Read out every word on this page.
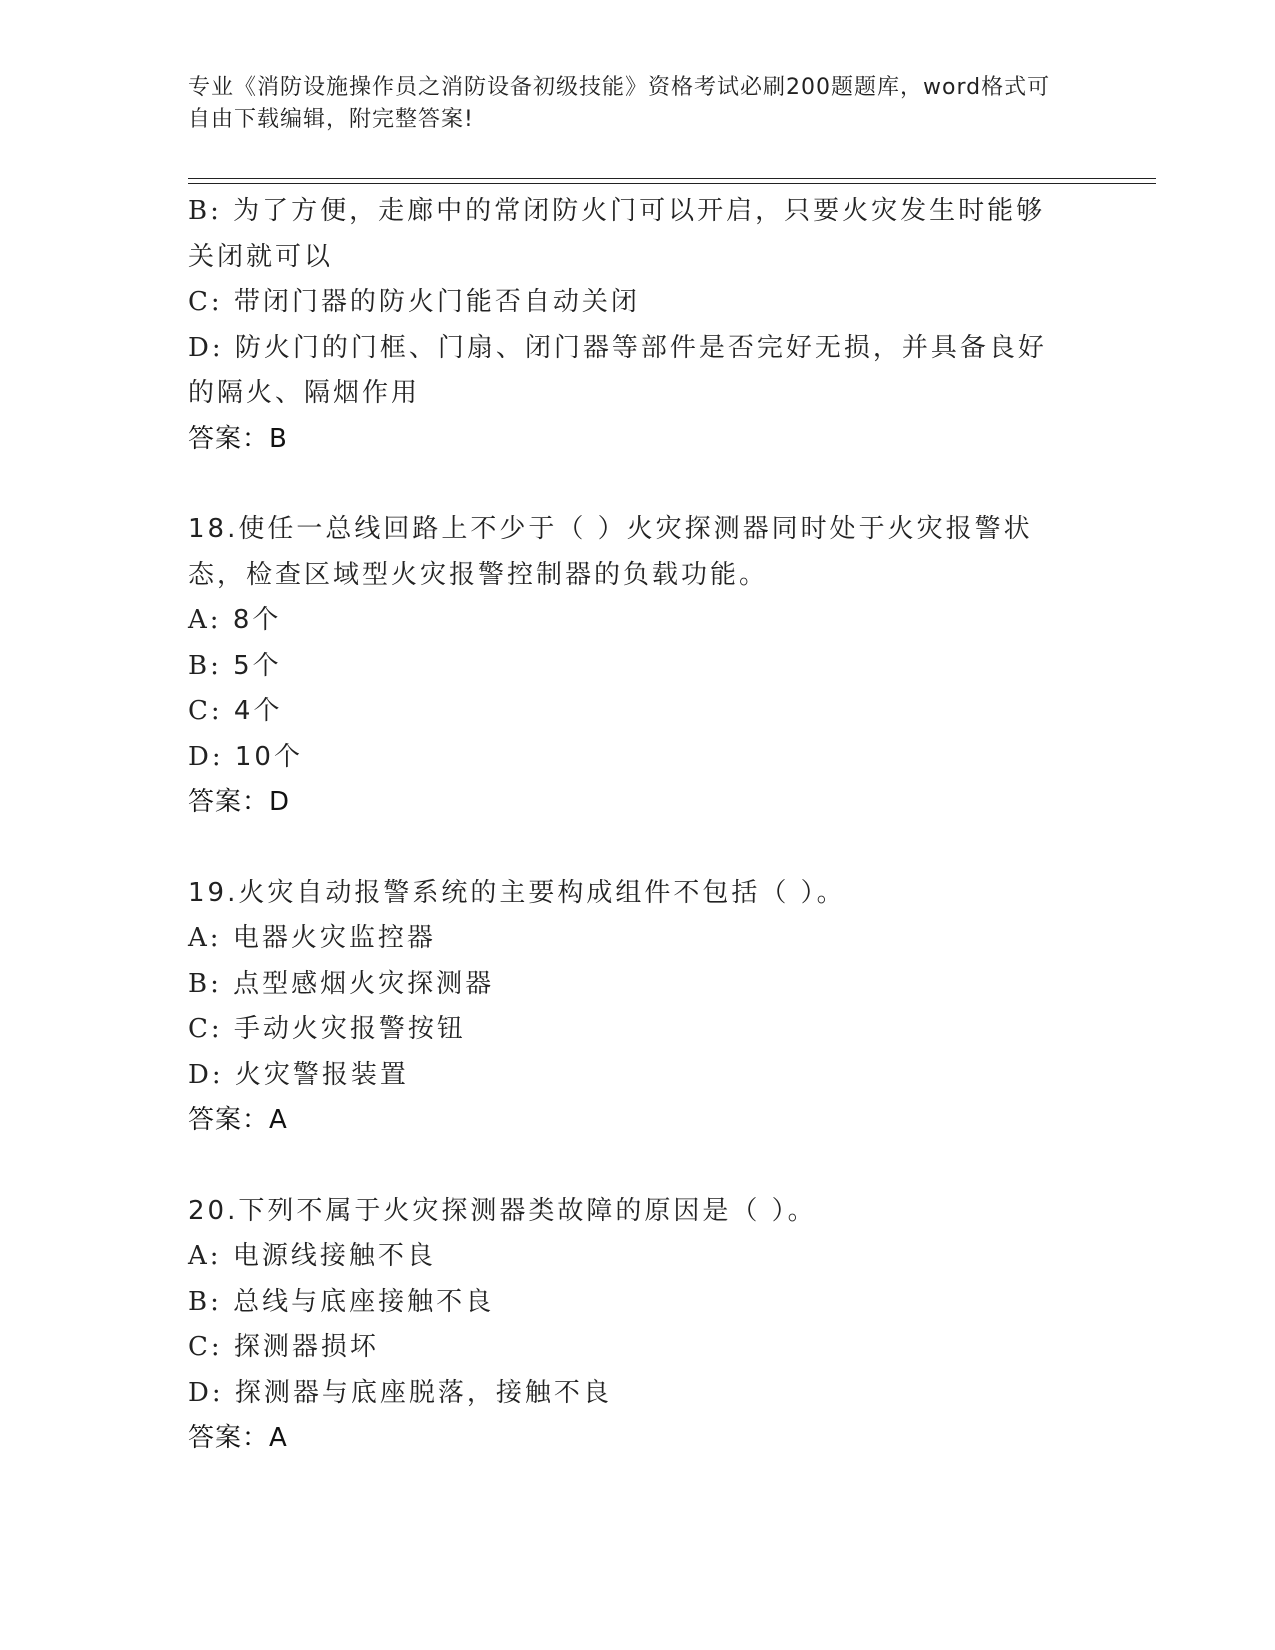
专业《消防设施操作员之消防设备初级技能》资格考试必刷200题题库，word格式可自由下载编辑，附完整答案!
B: 为了方便，走廊中的常闭防火门可以开启，只要火灾发生时能够关闭就可以
C: 带闭门器的防火门能否自动关闭
D: 防火门的门框、门扇、闭门器等部件是否完好无损，并具备良好的隔火、隔烟作用
答案：B
18.使任一总线回路上不少于（ ）火灾探测器同时处于火灾报警状态，检查区域型火灾报警控制器的负载功能。
A: 8个
B: 5个
C: 4个
D: 10个
答案：D
19.火灾自动报警系统的主要构成组件不包括（ ）。
A: 电器火灾监控器
B: 点型感烟火灾探测器
C: 手动火灾报警按钮
D: 火灾警报装置
答案：A
20.下列不属于火灾探测器类故障的原因是（ ）。
A: 电源线接触不良
B: 总线与底座接触不良
C: 探测器损坏
D: 探测器与底座脱落，接触不良
答案：A
